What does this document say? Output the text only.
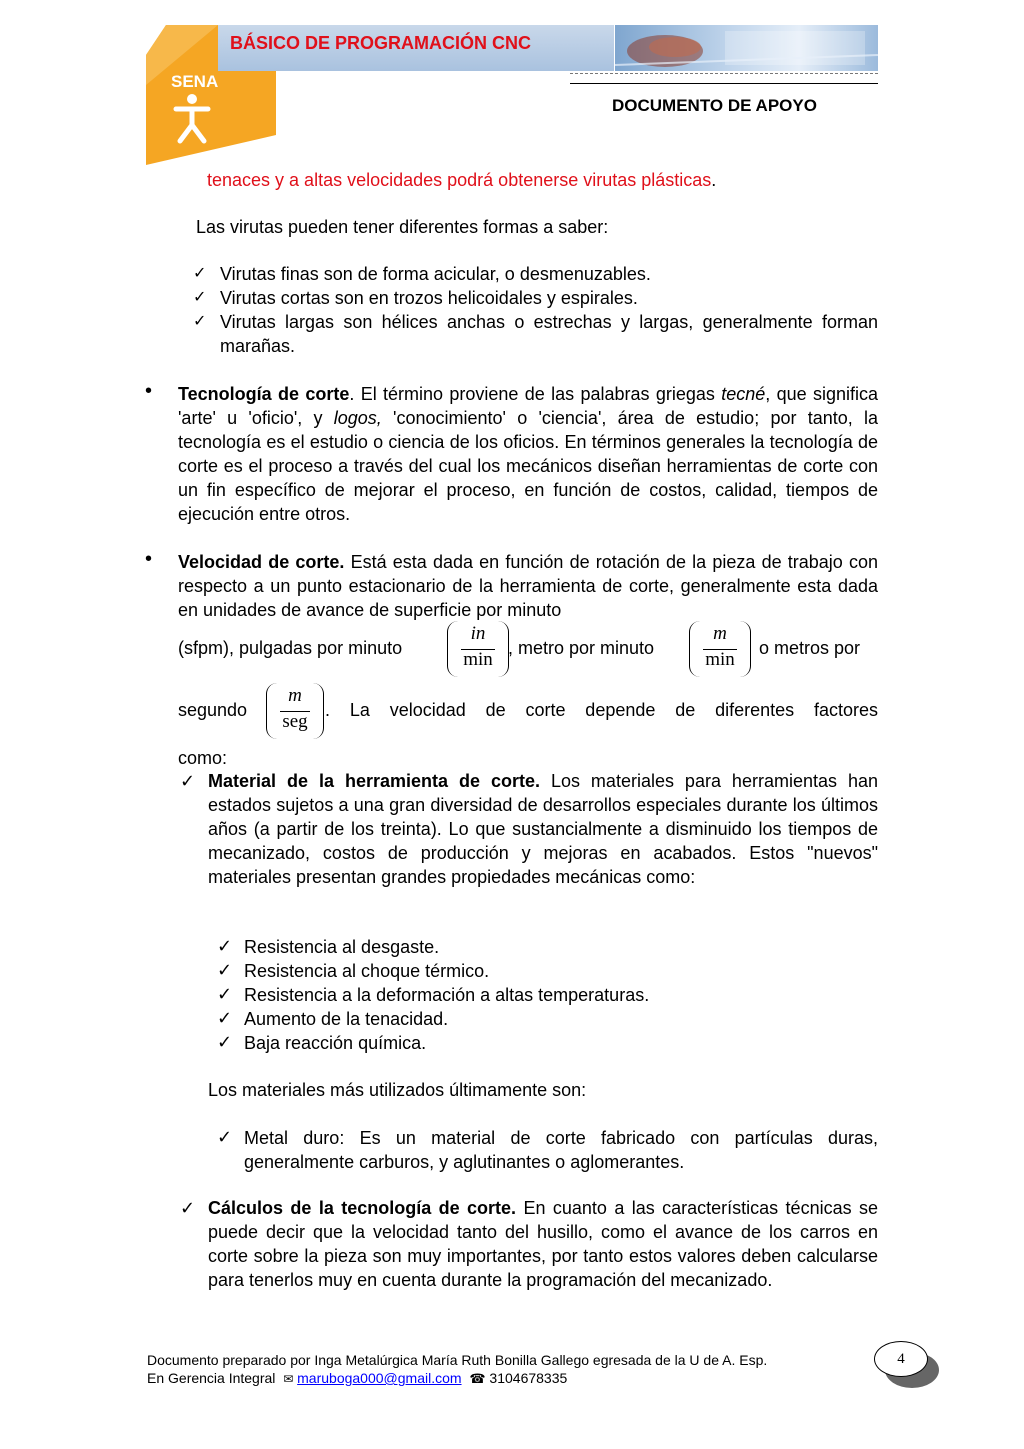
SENA
BÁSICO DE PROGRAMACIÓN CNC
DOCUMENTO DE APOYO
tenaces y a altas velocidades podrá obtenerse virutas plásticas.
Las virutas pueden tener diferentes formas a saber:
✓ Virutas finas son de forma acicular, o desmenuzables.
✓ Virutas cortas son en trozos helicoidales y espirales.
✓ Virutas largas son hélices anchas o estrechas y largas, generalmente forman marañas.
• Tecnología de corte. El término proviene de las palabras griegas tecné, que significa 'arte' u 'oficio', y logos, 'conocimiento' o 'ciencia', área de estudio; por tanto, la tecnología es el estudio o ciencia de los oficios. En términos generales la tecnología de corte es el proceso a través del cual los mecánicos diseñan herramientas de corte con un fin específico de mejorar el proceso, en función de costos, calidad, tiempos de ejecución entre otros.
• Velocidad de corte. Está esta dada en función de rotación de la pieza de trabajo con respecto a un punto estacionario de la herramienta de corte, generalmente esta dada en unidades de avance de superficie por minuto
(sfpm), pulgadas por minuto
in
min
, metro por minuto
m
min
o metros por
segundo
m
seg
. La velocidad de corte depende de diferentes factores
como:
✓ Material de la herramienta de corte. Los materiales para herramientas han estados sujetos a una gran diversidad de desarrollos especiales durante los últimos años (a partir de los treinta). Lo que sustancialmente a disminuido los tiempos de mecanizado, costos de producción y mejoras en acabados. Estos "nuevos" materiales presentan grandes propiedades mecánicas como:
✓ Resistencia al desgaste.
✓ Resistencia al choque térmico.
✓ Resistencia a la deformación a altas temperaturas.
✓ Aumento de la tenacidad.
✓ Baja reacción química.
Los materiales más utilizados últimamente son:
✓ Metal duro: Es un material de corte fabricado con partículas duras, generalmente carburos, y aglutinantes o aglomerantes.
✓ Cálculos de la tecnología de corte. En cuanto a las características técnicas se puede decir que la velocidad tanto del husillo, como el avance de los carros en corte sobre la pieza son muy importantes, por tanto estos valores deben calcularse para tenerlos muy en cuenta durante la programación del mecanizado.
Documento preparado por Inga Metalúrgica María Ruth Bonilla Gallego egresada de la U de A. Esp.
En Gerencia Integral ✉ maruboga000@gmail.com ☎ 3104678335
4
